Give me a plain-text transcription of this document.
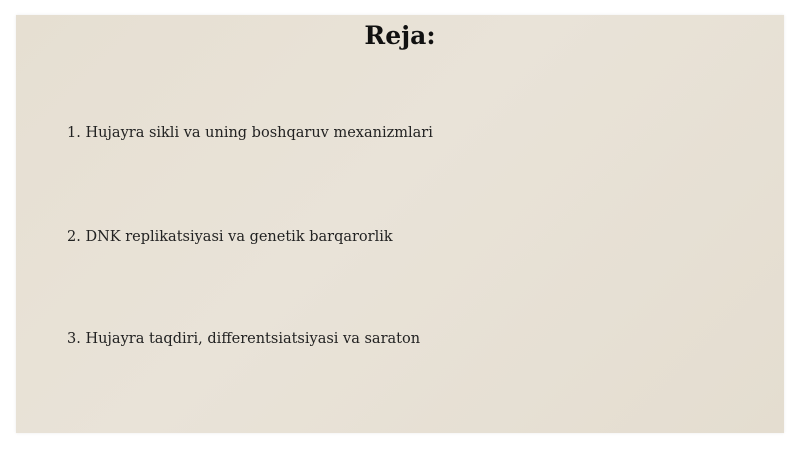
Reja:
1. Hujayra sikli va uning boshqaruv mexanizmlari
2. DNK replikatsiyasi va genetik barqarorlik
3. Hujayra taqdiri, differentsiatsiyasi va saraton
